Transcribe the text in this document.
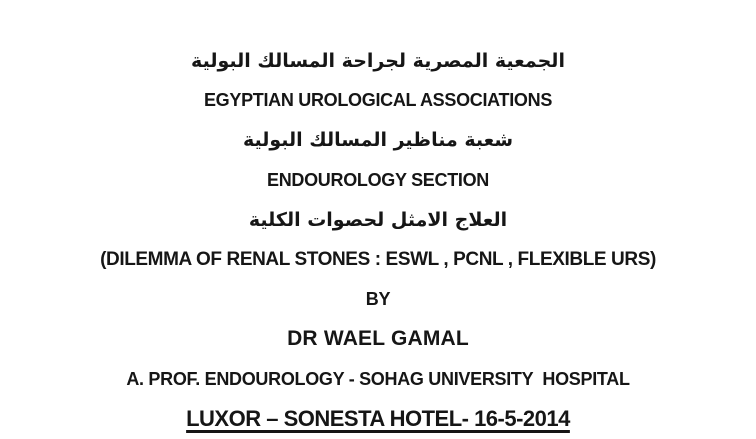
الجمعية المصرية لجراحة المسالك البولية
EGYPTIAN UROLOGICAL ASSOCIATIONS
شعبة مناظير المسالك البولية
ENDOUROLOGY SECTION
العلاج الامثل لحصوات الكلية
(DILEMMA OF RENAL STONES : ESWL , PCNL , FLEXIBLE URS)
BY
DR WAEL GAMAL
A. PROF. ENDOUROLOGY - SOHAG UNIVERSITY  HOSPITAL
LUXOR – SONESTA HOTEL- 16-5-2014
